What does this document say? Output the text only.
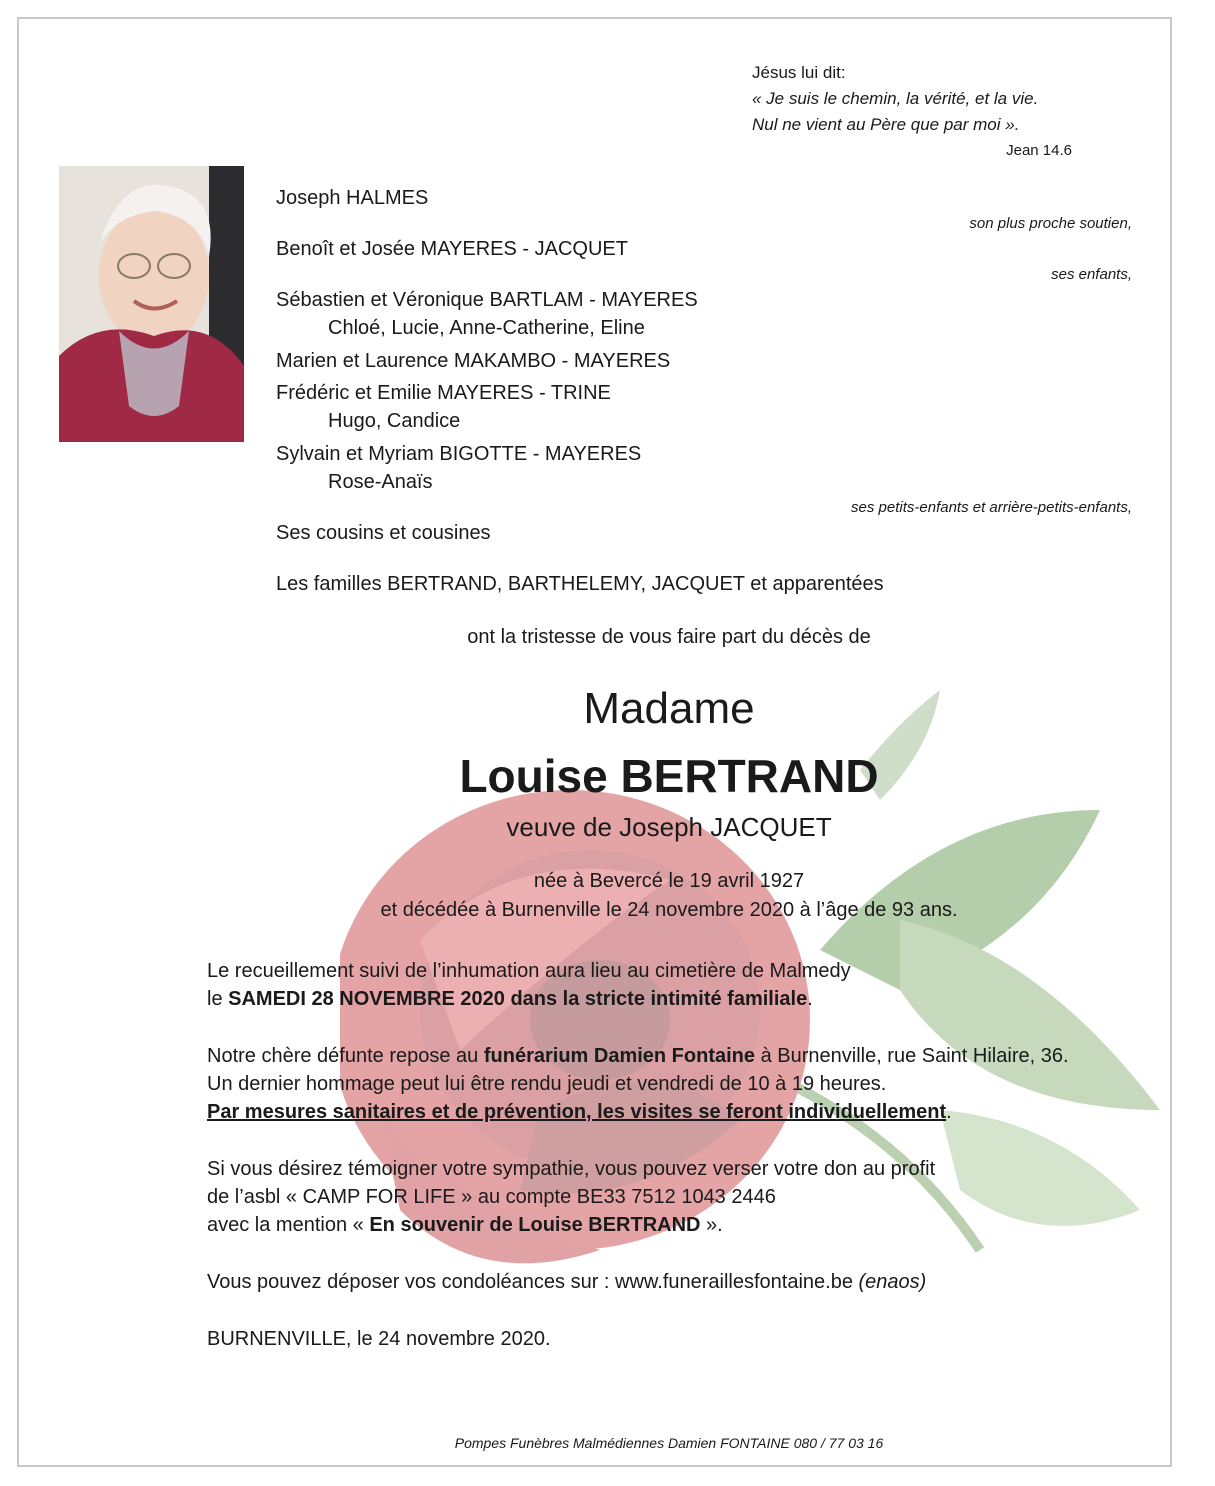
Jésus lui dit:
« Je suis le chemin, la vérité, et la vie.
Nul ne vient au Père que par moi ».
Jean 14.6
Joseph HALMES
son plus proche soutien,
Benoît et Josée MAYERES - JACQUET
ses enfants,
Sébastien et Véronique BARTLAM - MAYERES
Chloé, Lucie, Anne-Catherine, Eline
Marien et Laurence MAKAMBO - MAYERES
Frédéric et Emilie MAYERES - TRINE
Hugo, Candice
Sylvain et Myriam BIGOTTE - MAYERES
Rose-Anaïs
ses petits-enfants et arrière-petits-enfants,
Ses cousins et cousines
Les familles BERTRAND, BARTHELEMY, JACQUET et apparentées
ont la tristesse de vous faire part du décès de
Madame
Louise BERTRAND
veuve de Joseph JACQUET
née à Bevercé le 19 avril 1927
et décédée à Burnenville le 24 novembre 2020 à l’âge de 93 ans.

Le recueillement suivi de l’inhumation aura lieu au cimetière de Malmedy

le SAMEDI 28 NOVEMBRE 2020 dans la stricte intimité familiale.

Notre chère défunte repose au funérarium Damien Fontaine à Burnenville, rue Saint Hilaire, 36.

Un dernier hommage peut lui être rendu jeudi et vendredi de 10 à 19 heures.

Par mesures sanitaires et de prévention, les visites se feront individuellement.

Si vous désirez témoigner votre sympathie, vous pouvez verser votre don au profit

de l’asbl « CAMP FOR LIFE » au compte BE33 7512 1043 2446

avec la mention « En souvenir de Louise BERTRAND ».

Vous pouvez déposer vos condoléances sur : www.funeraillesfontaine.be (enaos)

BURNENVILLE, le 24 novembre 2020.
Pompes Funèbres Malmédiennes Damien FONTAINE 080 / 77 03 16
